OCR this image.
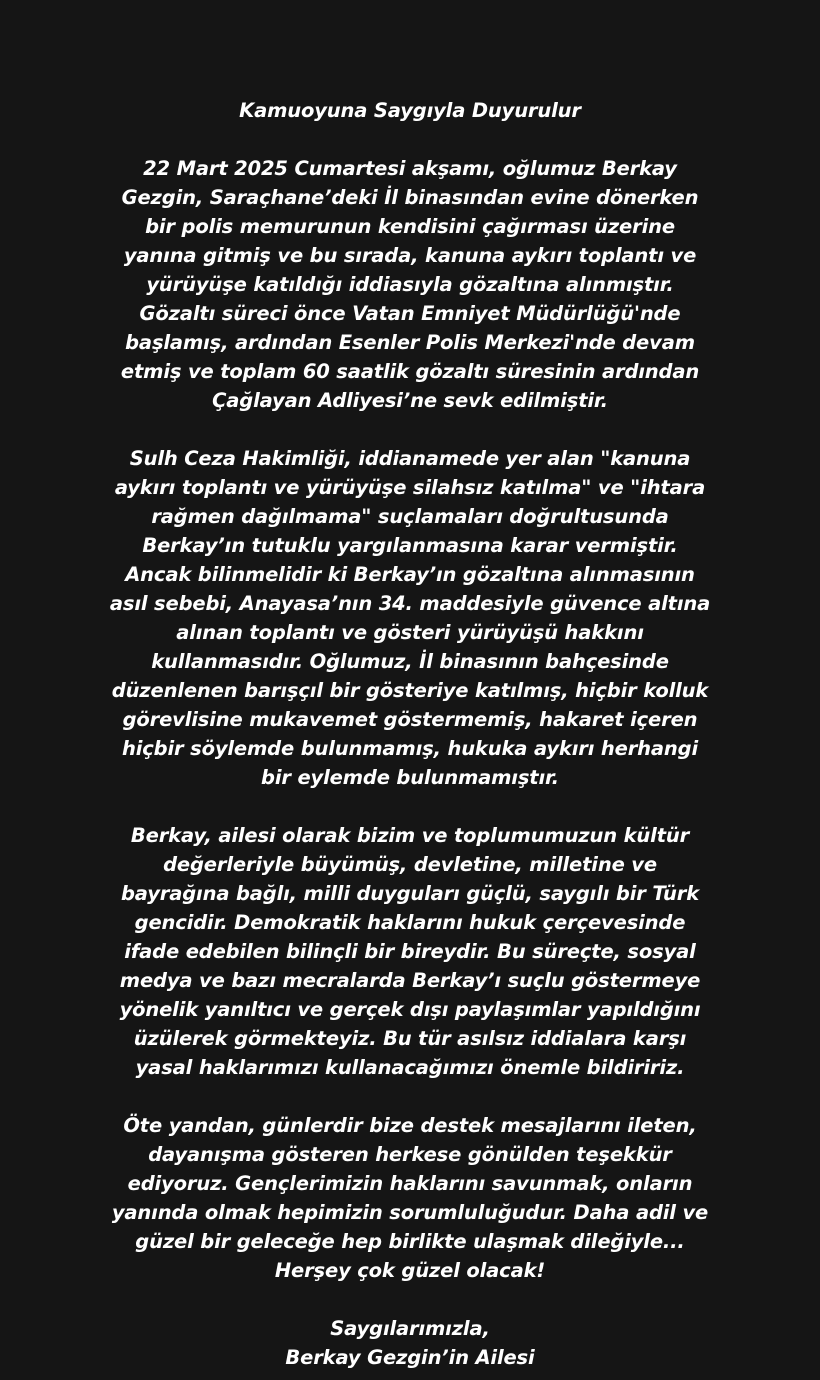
Kamuoyuna Saygıyla Duyurulur

22 Mart 2025 Cumartesi akşamı, oğlumuz Berkay
Gezgin, Saraçhane’deki İl binasından evine dönerken
bir polis memurunun kendisini çağırması üzerine
yanına gitmiş ve bu sırada, kanuna aykırı toplantı ve
yürüyüşe katıldığı iddiasıyla gözaltına alınmıştır.
Gözaltı süreci önce Vatan Emniyet Müdürlüğü'nde
başlamış, ardından Esenler Polis Merkezi'nde devam
etmiş ve toplam 60 saatlik gözaltı süresinin ardından
Çağlayan Adliyesi’ne sevk edilmiştir.

Sulh Ceza Hakimliği, iddianamede yer alan "kanuna
aykırı toplantı ve yürüyüşe silahsız katılma" ve "ihtara
rağmen dağılmama" suçlamaları doğrultusunda
Berkay’ın tutuklu yargılanmasına karar vermiştir.
Ancak bilinmelidir ki Berkay’ın gözaltına alınmasının
asıl sebebi, Anayasa’nın 34. maddesiyle güvence altına
alınan toplantı ve gösteri yürüyüşü hakkını
kullanmasıdır. Oğlumuz, İl binasının bahçesinde
düzenlenen barışçıl bir gösteriye katılmış, hiçbir kolluk
görevlisine mukavemet göstermemiş, hakaret içeren
hiçbir söylemde bulunmamış, hukuka aykırı herhangi
bir eylemde bulunmamıştır.

Berkay, ailesi olarak bizim ve toplumumuzun kültür
değerleriyle büyümüş, devletine, milletine ve
bayrağına bağlı, milli duyguları güçlü, saygılı bir Türk
gencidir. Demokratik haklarını hukuk çerçevesinde
ifade edebilen bilinçli bir bireydir. Bu süreçte, sosyal
medya ve bazı mecralarda Berkay’ı suçlu göstermeye
yönelik yanıltıcı ve gerçek dışı paylaşımlar yapıldığını
üzülerek görmekteyiz. Bu tür asılsız iddialara karşı
yasal haklarımızı kullanacağımızı önemle bildiririz.

Öte yandan, günlerdir bize destek mesajlarını ileten,
dayanışma gösteren herkese gönülden teşekkür
ediyoruz. Gençlerimizin haklarını savunmak, onların
yanında olmak hepimizin sorumluluğudur. Daha adil ve
güzel bir geleceğe hep birlikte ulaşmak dileğiyle...
Herşey çok güzel olacak!

Saygılarımızla,
Berkay Gezgin’in Ailesi
